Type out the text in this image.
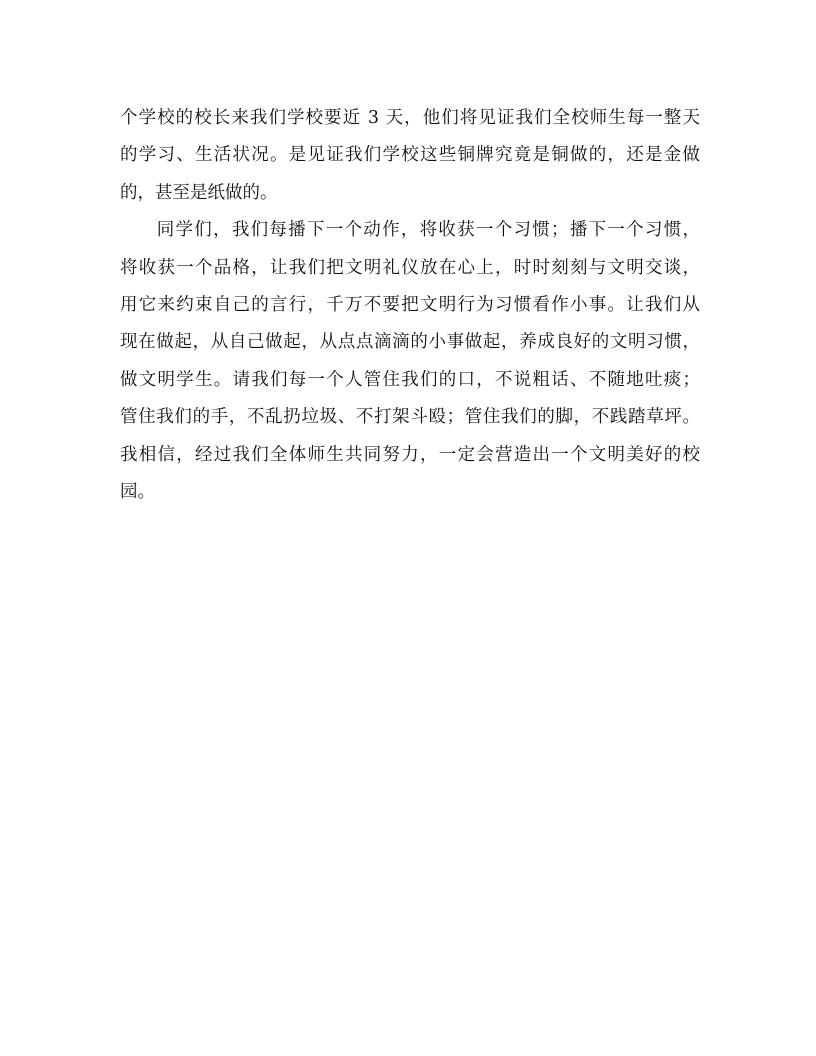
个学校的校长来我们学校要近 3 天，他们将见证我们全校师生每一整天
的学习、生活状况。是见证我们学校这些铜牌究竟是铜做的，还是金做
的，甚至是纸做的。
同学们，我们每播下一个动作，将收获一个习惯；播下一个习惯，
将收获一个品格，让我们把文明礼仪放在心上，时时刻刻与文明交谈，
用它来约束自己的言行，千万不要把文明行为习惯看作小事。让我们从
现在做起，从自己做起，从点点滴滴的小事做起，养成良好的文明习惯，
做文明学生。请我们每一个人管住我们的口，不说粗话、不随地吐痰；
管住我们的手，不乱扔垃圾、不打架斗殴；管住我们的脚，不践踏草坪。
我相信，经过我们全体师生共同努力，一定会营造出一个文明美好的校
园。
